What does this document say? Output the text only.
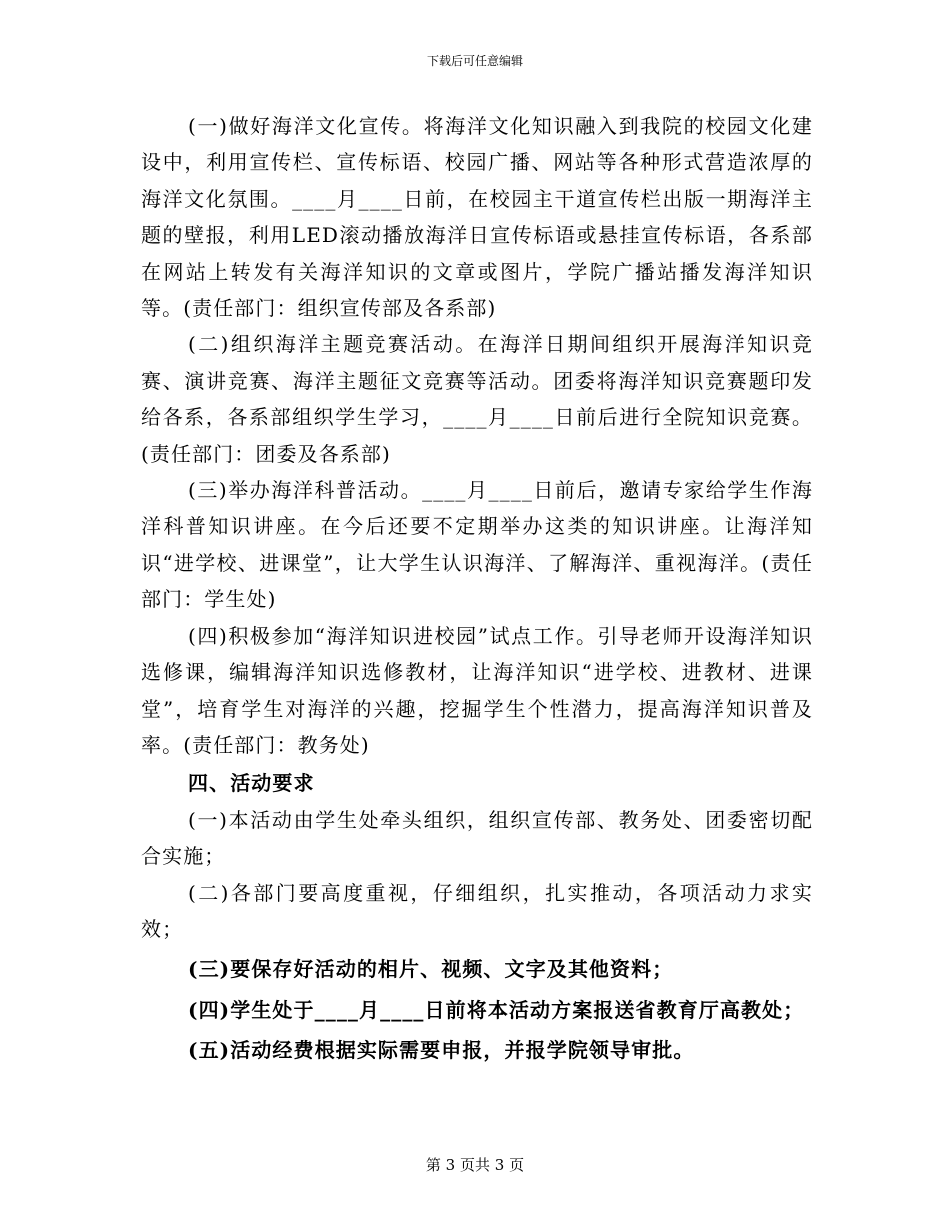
下载后可任意编辑

(一)做好海洋文化宣传。将海洋文化知识融入到我院的校园文化建设中，利用宣传栏、宣传标语、校园广播、网站等各种形式营造浓厚的海洋文化氛围。____月____日前，在校园主干道宣传栏出版一期海洋主题的壁报，利用LED滚动播放海洋日宣传标语或悬挂宣传标语，各系部在网站上转发有关海洋知识的文章或图片，学院广播站播发海洋知识等。(责任部门：组织宣传部及各系部)

(二)组织海洋主题竞赛活动。在海洋日期间组织开展海洋知识竞赛、演讲竞赛、海洋主题征文竞赛等活动。团委将海洋知识竞赛题印发给各系，各系部组织学生学习，____月____日前后进行全院知识竞赛。(责任部门：团委及各系部)

(三)举办海洋科普活动。____月____日前后，邀请专家给学生作海洋科普知识讲座。在今后还要不定期举办这类的知识讲座。让海洋知识“进学校、进课堂”，让大学生认识海洋、了解海洋、重视海洋。(责任部门：学生处)

(四)积极参加“海洋知识进校园”试点工作。引导老师开设海洋知识选修课，编辑海洋知识选修教材，让海洋知识“进学校、进教材、进课堂”，培育学生对海洋的兴趣，挖掘学生个性潜力，提高海洋知识普及率。(责任部门：教务处)

四、活动要求

(一)本活动由学生处牵头组织，组织宣传部、教务处、团委密切配合实施；

(二)各部门要高度重视，仔细组织，扎实推动，各项活动力求实效；

(三)要保存好活动的相片、视频、文字及其他资料；

(四)学生处于____月____日前将本活动方案报送省教育厅高教处；

(五)活动经费根据实际需要申报，并报学院领导审批。

第 3 页共 3 页
